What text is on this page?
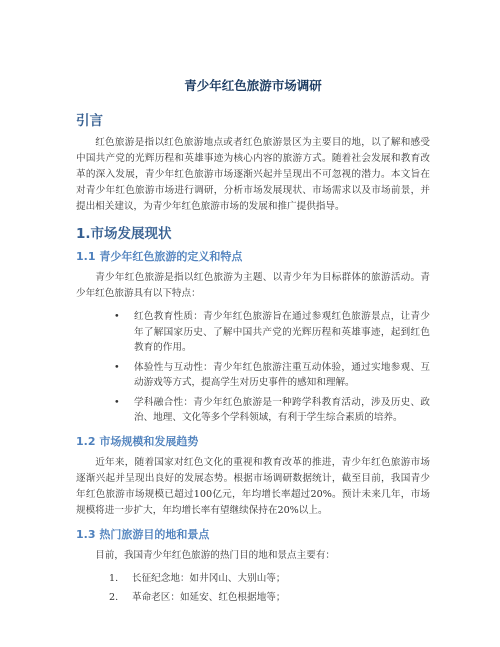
青少年红色旅游市场调研
引言

红色旅游是指以红色旅游地点或者红色旅游景区为主要目的地，以了解和感受中国共产党的光辉历程和英雄事迹为核心内容的旅游方式。随着社会发展和教育改革的深入发展，青少年红色旅游市场逐渐兴起并呈现出不可忽视的潜力。本文旨在对青少年红色旅游市场进行调研，分析市场发展现状、市场需求以及市场前景，并提出相关建议，为青少年红色旅游市场的发展和推广提供指导。

1.市场发展现状
1.1 青少年红色旅游的定义和特点

青少年红色旅游是指以红色旅游为主题、以青少年为目标群体的旅游活动。青少年红色旅游具有以下特点：

• 红色教育性质：青少年红色旅游旨在通过参观红色旅游景点，让青少年了解国家历史、了解中国共产党的光辉历程和英雄事迹，起到红色教育的作用。
• 体验性与互动性：青少年红色旅游注重互动体验，通过实地参观、互动游戏等方式，提高学生对历史事件的感知和理解。
• 学科融合性：青少年红色旅游是一种跨学科教育活动，涉及历史、政治、地理、文化等多个学科领域，有利于学生综合素质的培养。
1.2 市场规模和发展趋势

近年来，随着国家对红色文化的重视和教育改革的推进，青少年红色旅游市场逐渐兴起并呈现出良好的发展态势。根据市场调研数据统计，截至目前，我国青少年红色旅游市场规模已超过100亿元，年均增长率超过20%。预计未来几年，市场规模将进一步扩大，年均增长率有望继续保持在20%以上。

1.3 热门旅游目的地和景点

目前，我国青少年红色旅游的热门目的地和景点主要有：

1. 长征纪念地：如井冈山、大别山等；
2. 革命老区：如延安、红色根据地等；
